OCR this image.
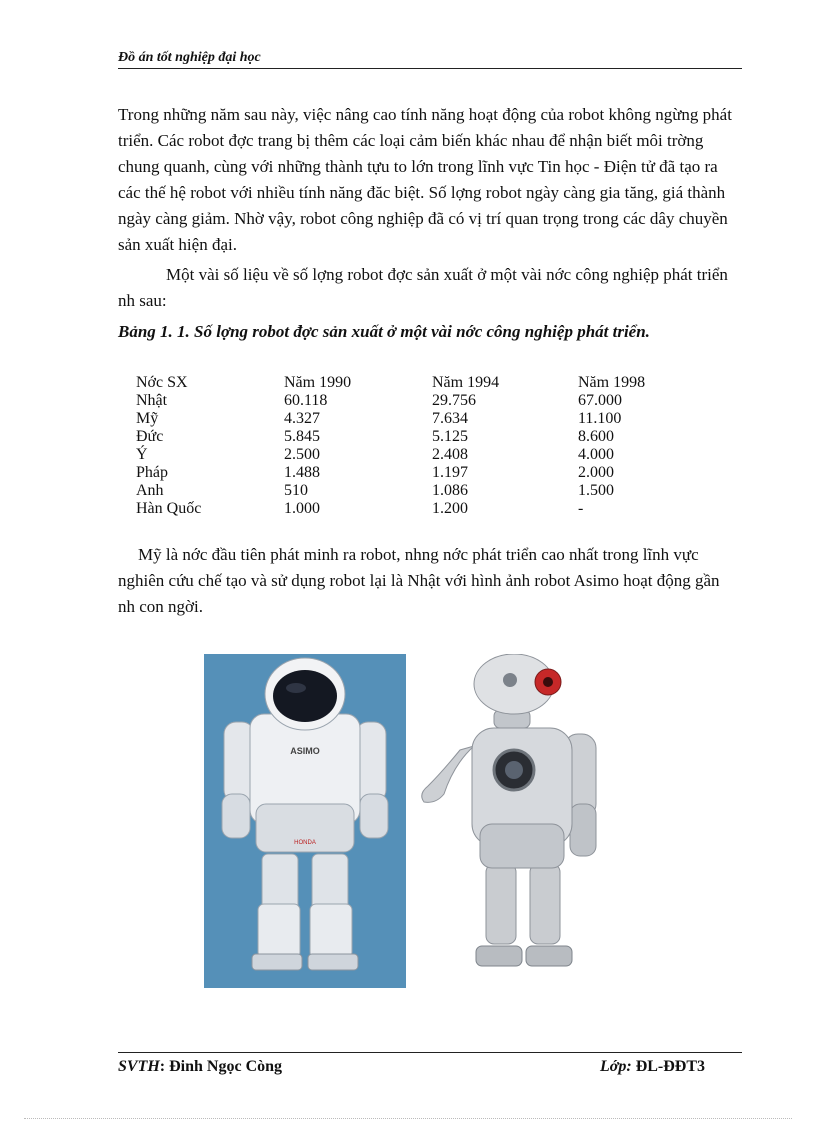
Đồ án tốt nghiệp đại học

Trong những năm sau này, việc nâng cao tính năng hoạt động của robot không ngừng phát triển. Các robot đợc trang bị thêm các loại cảm biến khác nhau để nhận biết môi trờng chung quanh, cùng với những thành tựu to lớn trong lĩnh vực Tin học - Điện tử đã tạo ra các thế hệ robot với nhiều tính năng đăc biệt. Số lợng robot ngày càng gia tăng, giá thành ngày càng giảm. Nhờ vậy, robot công nghiệp đã có vị trí quan trọng trong các dây chuyền sản xuất hiện đại.

Một vài số liệu về số lợng robot đợc sản xuất ở một vài nớc công nghiệp phát triển nh sau:

Bảng 1. 1. Số lợng robot đợc sản xuất ở một vài nớc công nghiệp phát triển.
Nớc SX	Năm 1990	Năm 1994	Năm 1998
Nhật	60.118	29.756	67.000
Mỹ	4.327	7.634	11.100
Đức	5.845	5.125	8.600
Ý	2.500	2.408	4.000
Pháp	1.488	1.197	2.000
Anh	510	1.086	1.500
Hàn Quốc	1.000	1.200	-

Mỹ là nớc đầu tiên phát minh ra robot, nhng nớc phát triển cao nhất trong lĩnh vực nghiên cứu chế tạo và sử dụng robot lại là Nhật với hình ảnh robot Asimo hoạt động gần nh con ngời.

ASIMO
HONDA
SVTH: Đinh Ngọc Còng	Lớp: ĐL-ĐĐT3
